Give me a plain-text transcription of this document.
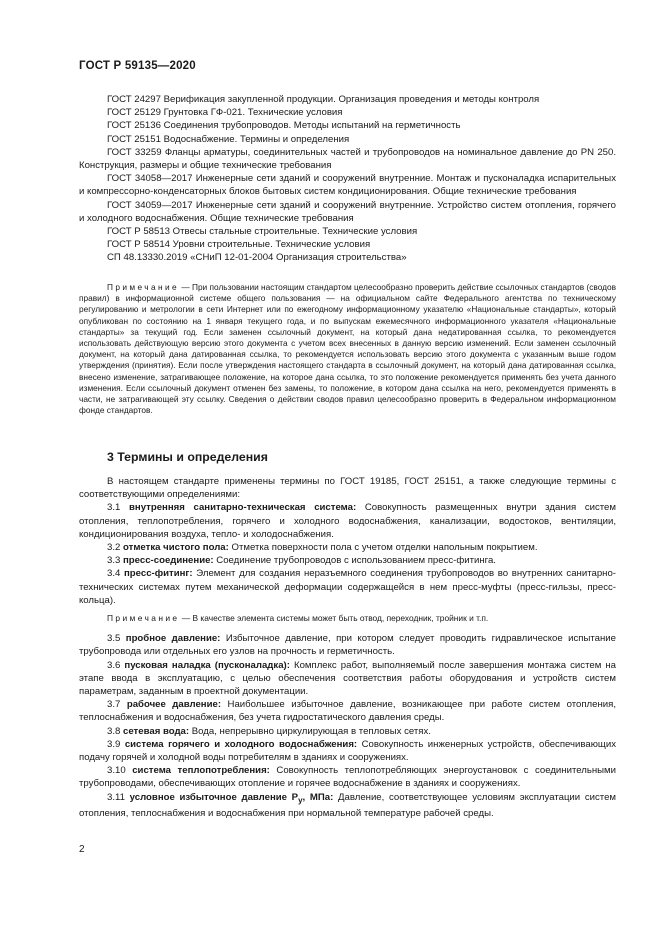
ГОСТ Р 59135—2020

ГОСТ 24297 Верификация закупленной продукции. Организация проведения и методы контроля

ГОСТ 25129 Грунтовка ГФ-021. Технические условия

ГОСТ 25136 Соединения трубопроводов. Методы испытаний на герметичность

ГОСТ 25151 Водоснабжение. Термины и определения

ГОСТ 33259 Фланцы арматуры, соединительных частей и трубопроводов на номинальное давление до PN 250. Конструкция, размеры и общие технические требования

ГОСТ 34058—2017 Инженерные сети зданий и сооружений внутренние. Монтаж и пусконаладка испарительных и компрессорно-конденсаторных блоков бытовых систем кондиционирования. Общие технические требования

ГОСТ 34059—2017 Инженерные сети зданий и сооружений внутренние. Устройство систем отопления, горячего и холодного водоснабжения. Общие технические требования

ГОСТ Р 58513 Отвесы стальные строительные. Технические условия

ГОСТ Р 58514 Уровни строительные. Технические условия

СП 48.13330.2019 «СНиП 12-01-2004 Организация строительства»

Примечание — При пользовании настоящим стандартом целесообразно проверить действие ссылочных стандартов (сводов правил) в информационной системе общего пользования — на официальном сайте Федерального агентства по техническому регулированию и метрологии в сети Интернет или по ежегодному информационному указателю «Национальные стандарты», который опубликован по состоянию на 1 января текущего года, и по выпускам ежемесячного информационного указателя «Национальные стандарты» за текущий год. Если заменен ссылочный документ, на который дана недатированная ссылка, то рекомендуется использовать действующую версию этого документа с учетом всех внесенных в данную версию изменений. Если заменен ссылочный документ, на который дана датированная ссылка, то рекомендуется использовать версию этого документа с указанным выше годом утверждения (принятия). Если после утверждения настоящего стандарта в ссылочный документ, на который дана датированная ссылка, внесено изменение, затрагивающее положение, на которое дана ссылка, то это положение рекомендуется применять без учета данного изменения. Если ссылочный документ отменен без замены, то положение, в котором дана ссылка на него, рекомендуется применять в части, не затрагивающей эту ссылку. Сведения о действии сводов правил целесообразно проверить в Федеральном информационном фонде стандартов.

3 Термины и определения

В настоящем стандарте применены термины по ГОСТ 19185, ГОСТ 25151, а также следующие термины с соответствующими определениями:

3.1 внутренняя санитарно-техническая система: Совокупность размещенных внутри здания систем отопления, теплопотребления, горячего и холодного водоснабжения, канализации, водостоков, вентиляции, кондиционирования воздуха, тепло- и холодоснабжения.

3.2 отметка чистого пола: Отметка поверхности пола с учетом отделки напольным покрытием.

3.3 пресс-соединение: Соединение трубопроводов с использованием пресс-фитинга.

3.4 пресс-фитинг: Элемент для создания неразъемного соединения трубопроводов во внутренних санитарно-технических системах путем механической деформации содержащейся в нем пресс-муфты (пресс-гильзы, пресс-кольца).

Примечание — В качестве элемента системы может быть отвод, переходник, тройник и т.п.

3.5 пробное давление: Избыточное давление, при котором следует проводить гидравлическое испытание трубопровода или отдельных его узлов на прочность и герметичность.

3.6 пусковая наладка (пусконаладка): Комплекс работ, выполняемый после завершения монтажа систем на этапе ввода в эксплуатацию, с целью обеспечения соответствия работы оборудования и устройств систем параметрам, заданным в проектной документации.

3.7 рабочее давление: Наибольшее избыточное давление, возникающее при работе систем отопления, теплоснабжения и водоснабжения, без учета гидростатического давления среды.

3.8 сетевая вода: Вода, непрерывно циркулирующая в тепловых сетях.

3.9 система горячего и холодного водоснабжения: Совокупность инженерных устройств, обеспечивающих подачу горячей и холодной воды потребителям в зданиях и сооружениях.

3.10 система теплопотребления: Совокупность теплопотребляющих энергоустановок с соединительными трубопроводами, обеспечивающих отопление и горячее водоснабжение в зданиях и сооружениях.

3.11 условное избыточное давление $P_у$, МПа: Давление, соответствующее условиям эксплуатации систем отопления, теплоснабжения и водоснабжения при нормальной температуре рабочей среды.

2
